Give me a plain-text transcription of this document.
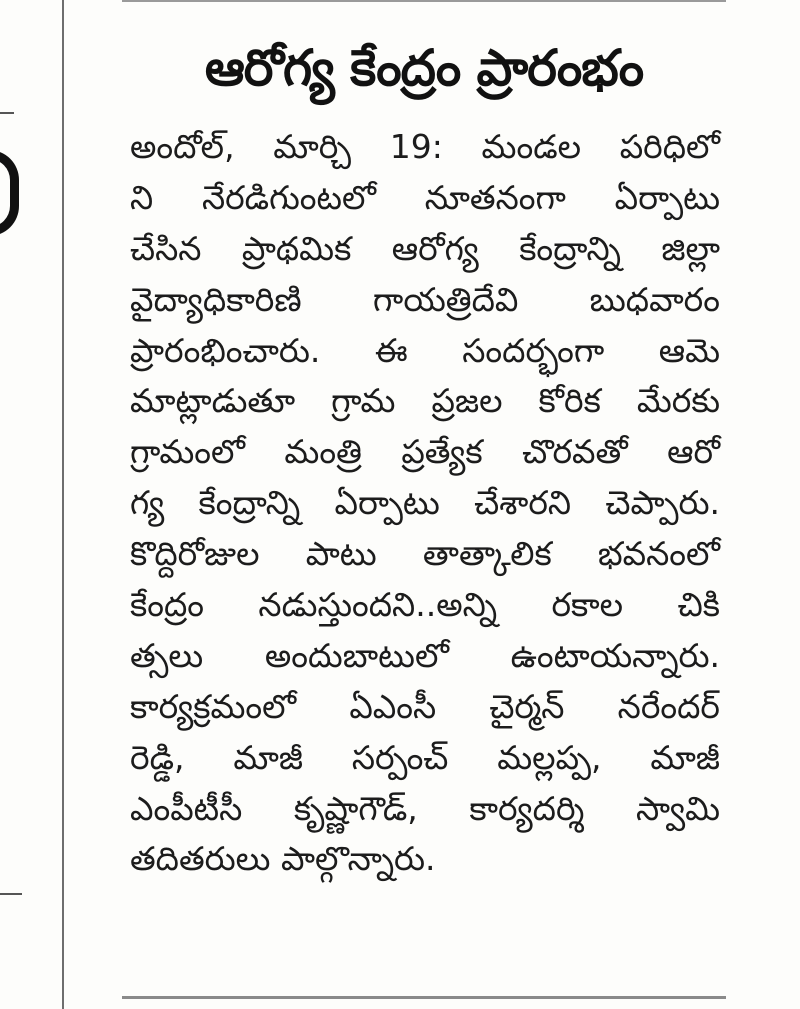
ఆరోగ్య కేంద్రం ప్రారంభం
అందోల్, మార్చి 19: మండల పరిధిలో
ని నేరడిగుంటలో నూతనంగా ఏర్పాటు
చేసిన ప్రాథమిక ఆరోగ్య కేంద్రాన్ని జిల్లా
వైద్యాధికారిణి గాయత్రిదేవి బుధవారం
ప్రారంభించారు. ఈ సందర్భంగా ఆమె
మాట్లాడుతూ గ్రామ ప్రజల కోరిక మేరకు
గ్రామంలో మంత్రి ప్రత్యేక చొరవతో ఆరో
గ్య కేంద్రాన్ని ఏర్పాటు చేశారని చెప్పారు.
కొద్దిరోజుల పాటు తాత్కాలిక భవనంలో
కేంద్రం నడుస్తుందని..అన్ని రకాల చికి
త్సలు అందుబాటులో ఉంటాయన్నారు.
కార్యక్రమంలో ఏఎంసీ చైర్మన్ నరేందర్
రెడ్డి, మాజీ సర్పంచ్ మల్లప్ప, మాజీ
ఎంపీటీసీ కృష్ణాగౌడ్, కార్యదర్శి స్వామి
తదితరులు పాల్గొన్నారు.
